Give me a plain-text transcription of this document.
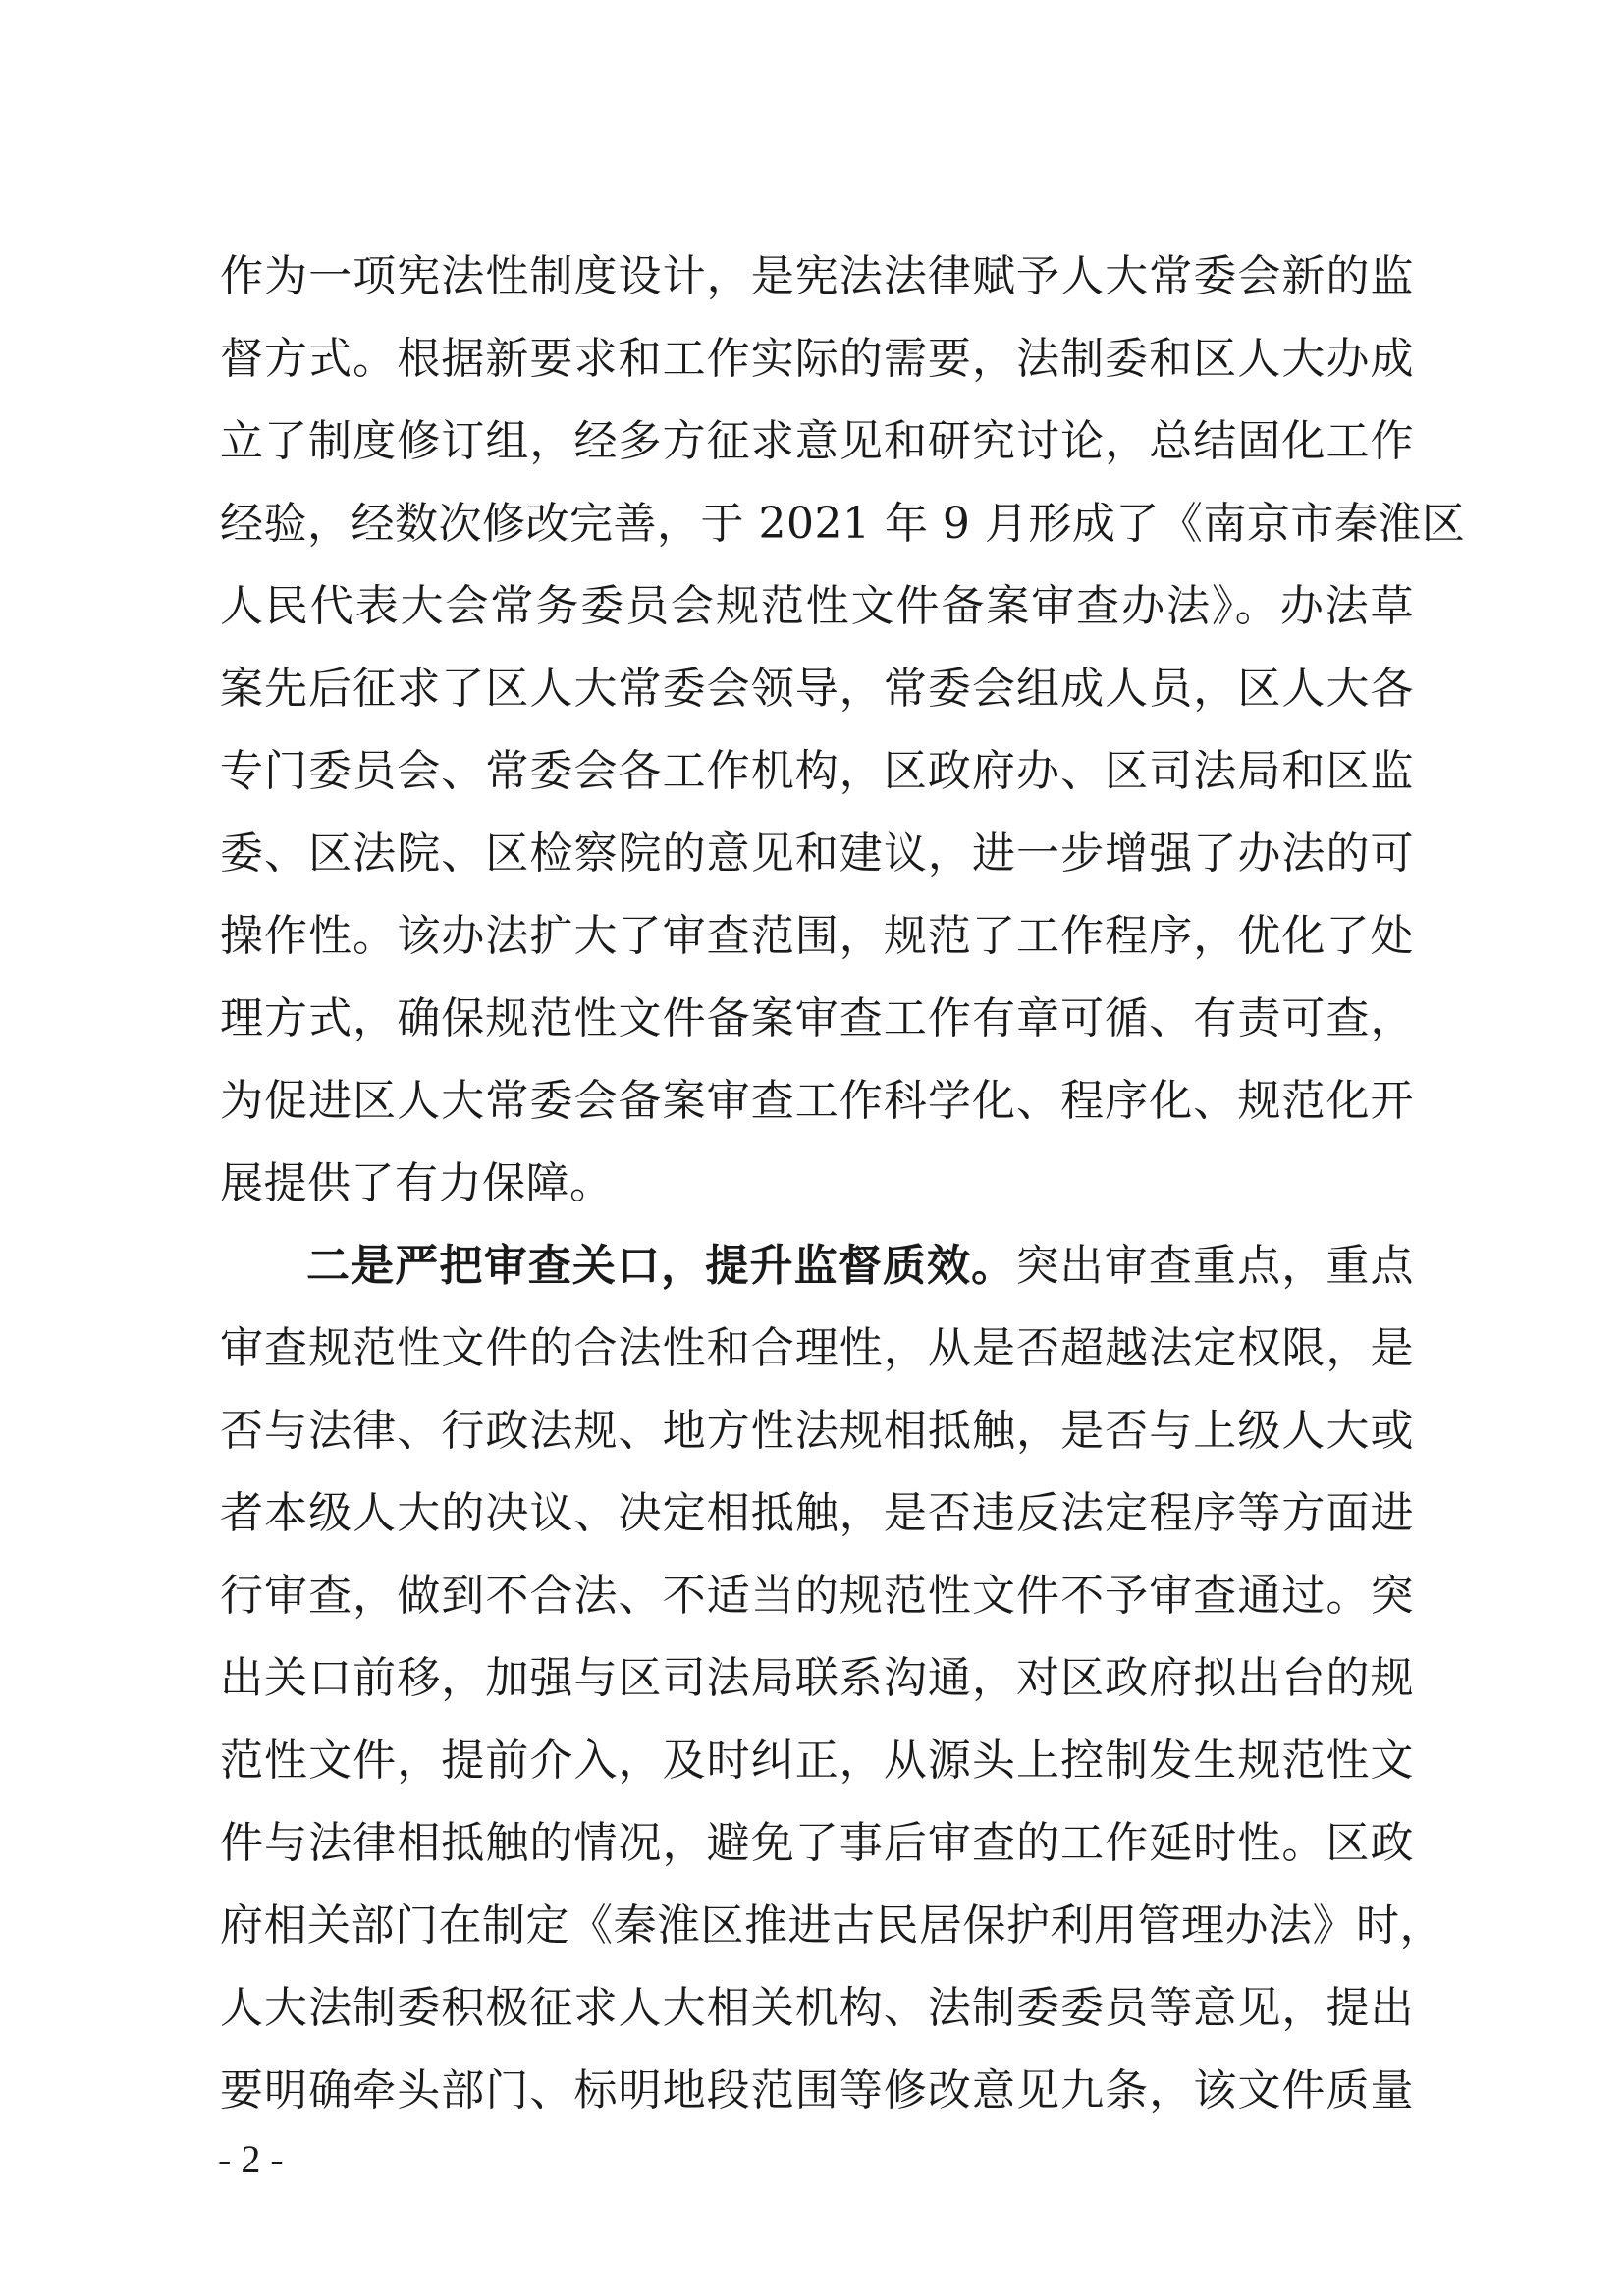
作为一项宪法性制度设计，是宪法法律赋予人大常委会新的监
督方式。根据新要求和工作实际的需要，法制委和区人大办成
立了制度修订组，经多方征求意见和研究讨论，总结固化工作
经验，经数次修改完善，于 2021 年 9 月形成了《南京市秦淮区
人民代表大会常务委员会规范性文件备案审查办法》。办法草
案先后征求了区人大常委会领导，常委会组成人员，区人大各
专门委员会、常委会各工作机构，区政府办、区司法局和区监
委、区法院、区检察院的意见和建议，进一步增强了办法的可
操作性。该办法扩大了审查范围，规范了工作程序，优化了处
理方式，确保规范性文件备案审查工作有章可循、有责可查，
为促进区人大常委会备案审查工作科学化、程序化、规范化开
展提供了有力保障。
二是严把审查关口，提升监督质效。突出审查重点，重点
审查规范性文件的合法性和合理性，从是否超越法定权限，是
否与法律、行政法规、地方性法规相抵触，是否与上级人大或
者本级人大的决议、决定相抵触，是否违反法定程序等方面进
行审查，做到不合法、不适当的规范性文件不予审查通过。突
出关口前移，加强与区司法局联系沟通，对区政府拟出台的规
范性文件，提前介入，及时纠正，从源头上控制发生规范性文
件与法律相抵触的情况，避免了事后审查的工作延时性。区政
府相关部门在制定《秦淮区推进古民居保护利用管理办法》时，
人大法制委积极征求人大相关机构、法制委委员等意见，提出
要明确牵头部门、标明地段范围等修改意见九条，该文件质量
- 2 -
